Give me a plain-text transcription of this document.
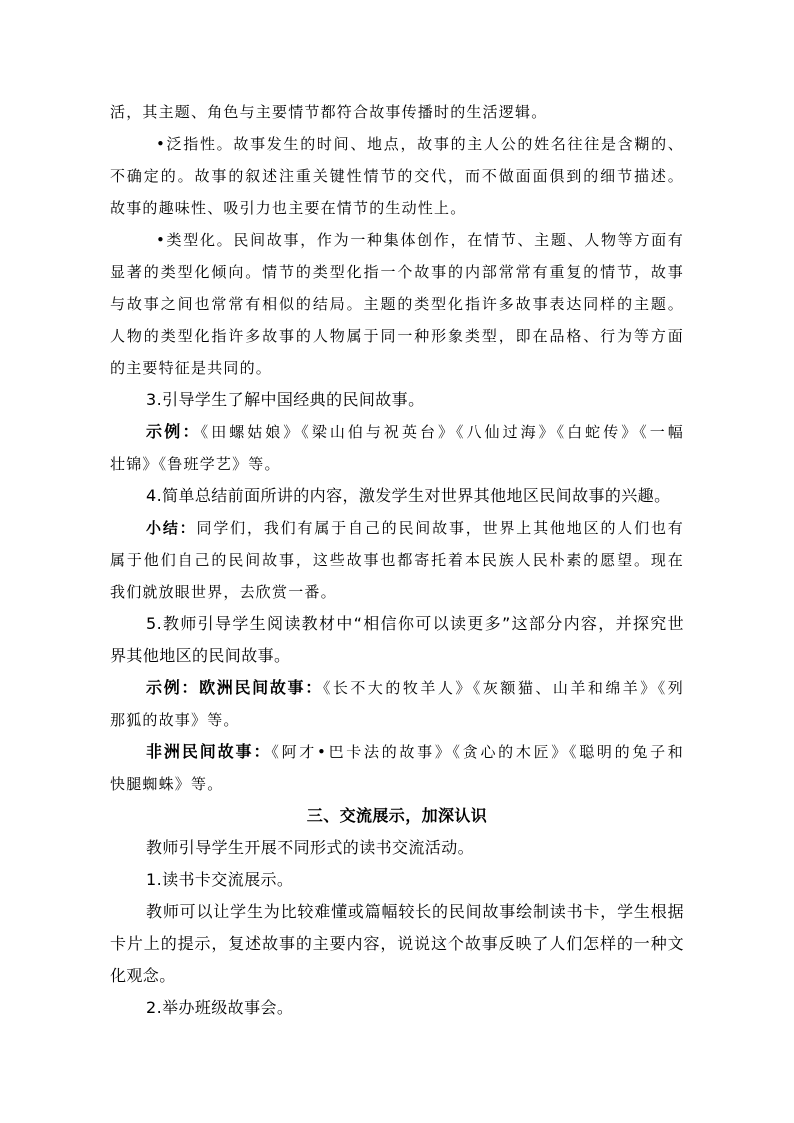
活，其主题、角色与主要情节都符合故事传播时的生活逻辑。
•泛指性。故事发生的时间、地点，故事的主人公的姓名往往是含糊的、
不确定的。故事的叙述注重关键性情节的交代，而不做面面俱到的细节描述。
故事的趣味性、吸引力也主要在情节的生动性上。
•类型化。民间故事，作为一种集体创作，在情节、主题、人物等方面有
显著的类型化倾向。情节的类型化指一个故事的内部常常有重复的情节，故事
与故事之间也常常有相似的结局。主题的类型化指许多故事表达同样的主题。
人物的类型化指许多故事的人物属于同一种形象类型，即在品格、行为等方面
的主要特征是共同的。
3.引导学生了解中国经典的民间故事。
示例：《田螺姑娘》《梁山伯与祝英台》《八仙过海》《白蛇传》《一幅
壮锦》《鲁班学艺》等。
4.简单总结前面所讲的内容，激发学生对世界其他地区民间故事的兴趣。
小结：同学们，我们有属于自己的民间故事，世界上其他地区的人们也有
属于他们自己的民间故事，这些故事也都寄托着本民族人民朴素的愿望。现在
我们就放眼世界，去欣赏一番。
5.教师引导学生阅读教材中“相信你可以读更多”这部分内容，并探究世
界其他地区的民间故事。
示例：欧洲民间故事：《长不大的牧羊人》《灰额猫、山羊和绵羊》《列
那狐的故事》等。
非洲民间故事：《阿才•巴卡法的故事》《贪心的木匠》《聪明的兔子和
快腿蜘蛛》等。
三、交流展示，加深认识
教师引导学生开展不同形式的读书交流活动。
1.读书卡交流展示。
教师可以让学生为比较难懂或篇幅较长的民间故事绘制读书卡，学生根据
卡片上的提示，复述故事的主要内容，说说这个故事反映了人们怎样的一种文
化观念。
2.举办班级故事会。
